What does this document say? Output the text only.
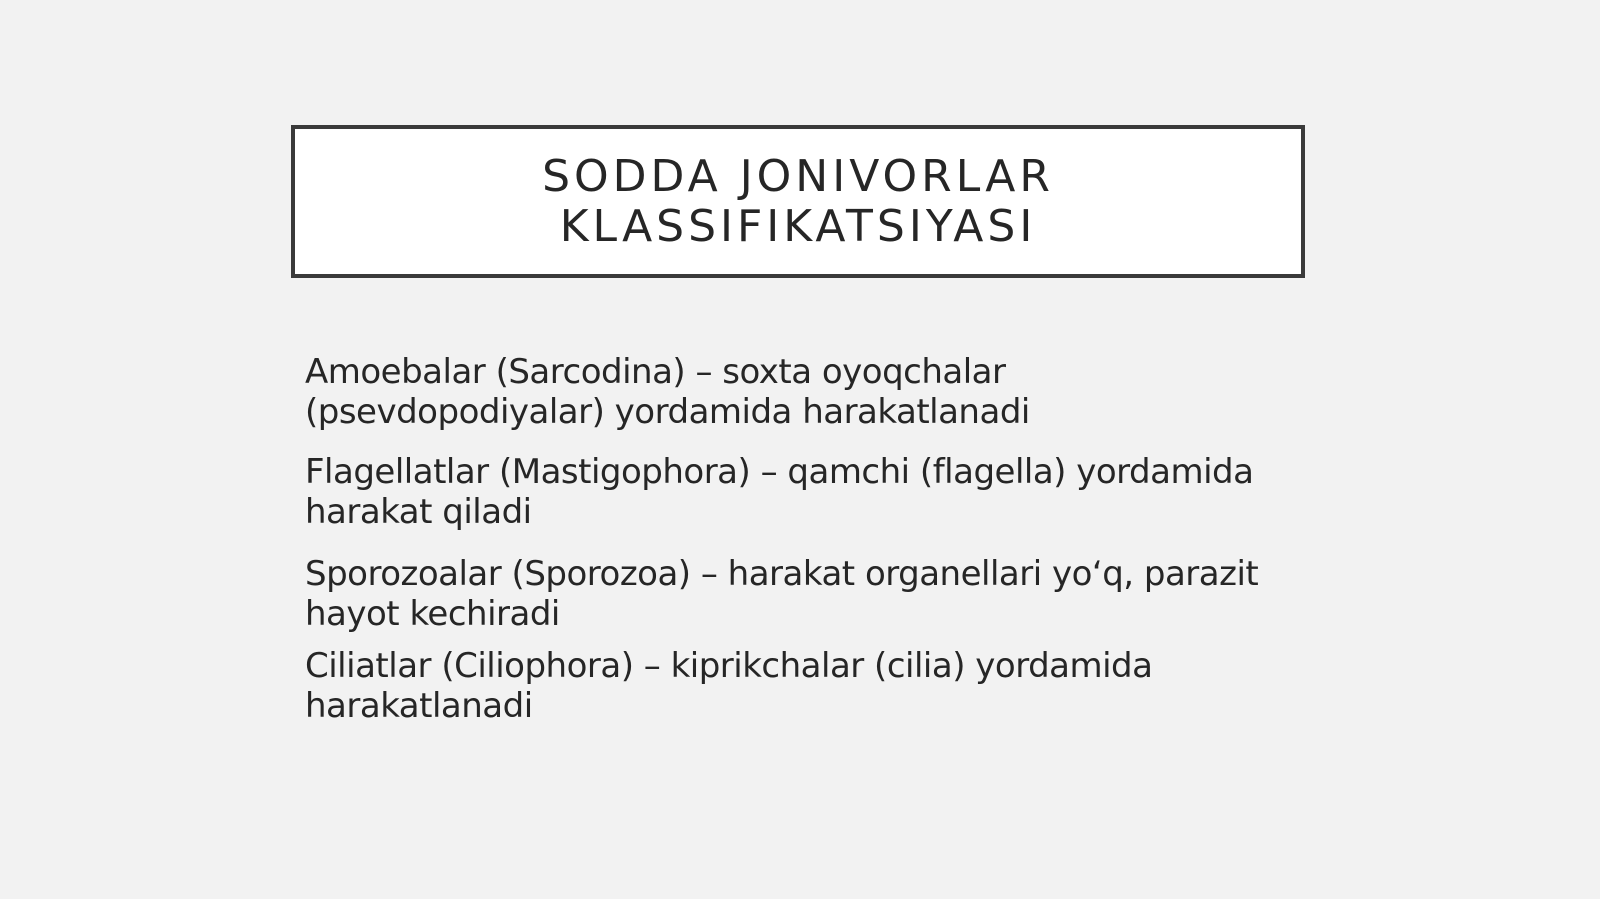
SODDA JONIVORLAR KLASSIFIKATSIYASI
Amoebalar (Sarcodina) – soxta oyoqchalar (psevdopodiyalar) yordamida harakatlanadi
Flagellatlar (Mastigophora) – qamchi (flagella) yordamida harakat qiladi
Sporozoalar (Sporozoa) – harakat organellari yo‘q, parazit hayot kechiradi
Ciliatlar (Ciliophora) – kiprikchalar (cilia) yordamida harakatlanadi
